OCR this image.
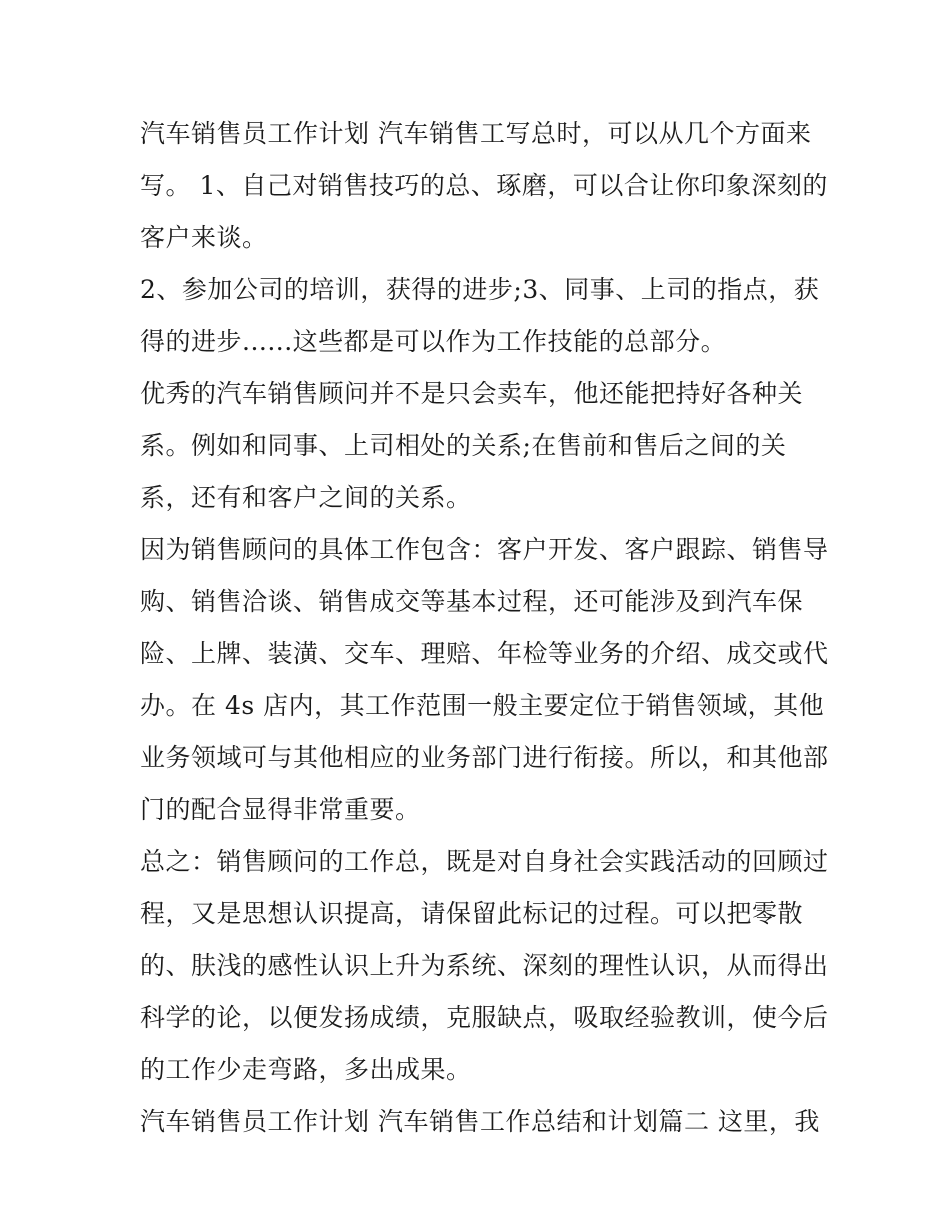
汽车销售员工作计划 汽车销售工写总时，可以从几个方面来
写。 1、自己对销售技巧的总、琢磨，可以合让你印象深刻的
客户来谈。

2、参加公司的培训，获得的进步;3、同事、上司的指点，获
得的进步......这些都是可以作为工作技能的总部分。

优秀的汽车销售顾问并不是只会卖车，他还能把持好各种关
系。例如和同事、上司相处的关系;在售前和售后之间的关
系，还有和客户之间的关系。

因为销售顾问的具体工作包含：客户开发、客户跟踪、销售导
购、销售洽谈、销售成交等基本过程，还可能涉及到汽车保
险、上牌、装潢、交车、理赔、年检等业务的介绍、成交或代
办。在 4s 店内，其工作范围一般主要定位于销售领域，其他
业务领域可与其他相应的业务部门进行衔接。所以，和其他部
门的配合显得非常重要。

总之：销售顾问的工作总，既是对自身社会实践活动的回顾过
程，又是思想认识提高，请保留此标记的过程。可以把零散
的、肤浅的感性认识上升为系统、深刻的理性认识，从而得出
科学的论，以便发扬成绩，克服缺点，吸取经验教训，使今后
的工作少走弯路，多出成果。

汽车销售员工作计划 汽车销售工作总结和计划篇二 这里，我
